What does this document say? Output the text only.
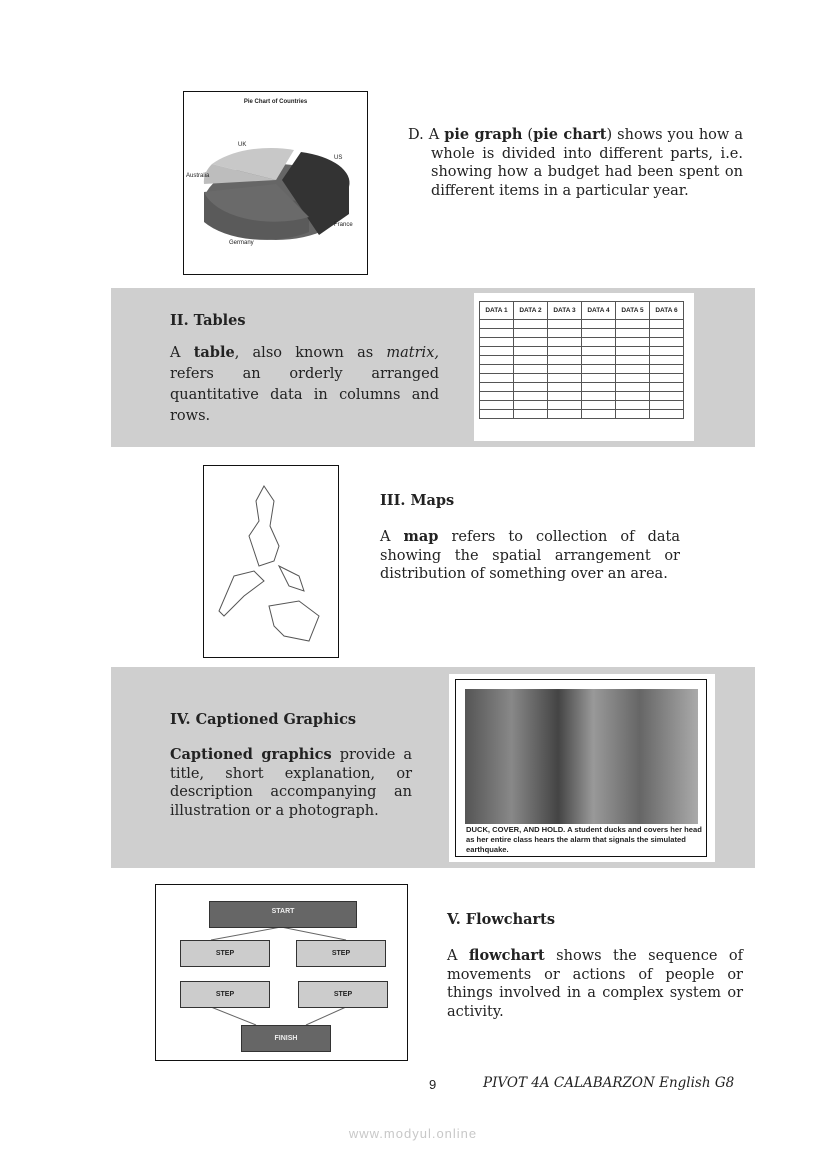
Pie Chart of Countries
UK
US
Australia
France
Germany

D. A pie graph (pie chart) shows you how a whole is divided into different parts, i.e. showing how a budget had been spent on different items in a particular year.

II. Tables

A table, also known as matrix, refers an orderly arranged quantitative data in columns and rows.

DATA 1	DATA 2	DATA 3	DATA 4	DATA 5	DATA 6

III. Maps

A map refers to collection of data showing the spatial arrangement or distribution of something over an area.

IV. Captioned Graphics

Captioned graphics provide a title, short explanation, or description accompanying an illustration or a photograph.

DUCK, COVER, AND HOLD. A student ducks and covers her head as her entire class hears the alarm that signals the simulated earthquake.
START
STEP	STEP
STEP	STEP
FINISH
V. Flowcharts

A flowchart shows the sequence of movements or actions of people or things involved in a complex system or activity.

9	PIVOT 4A CALABARZON English G8
www.modyul.online
